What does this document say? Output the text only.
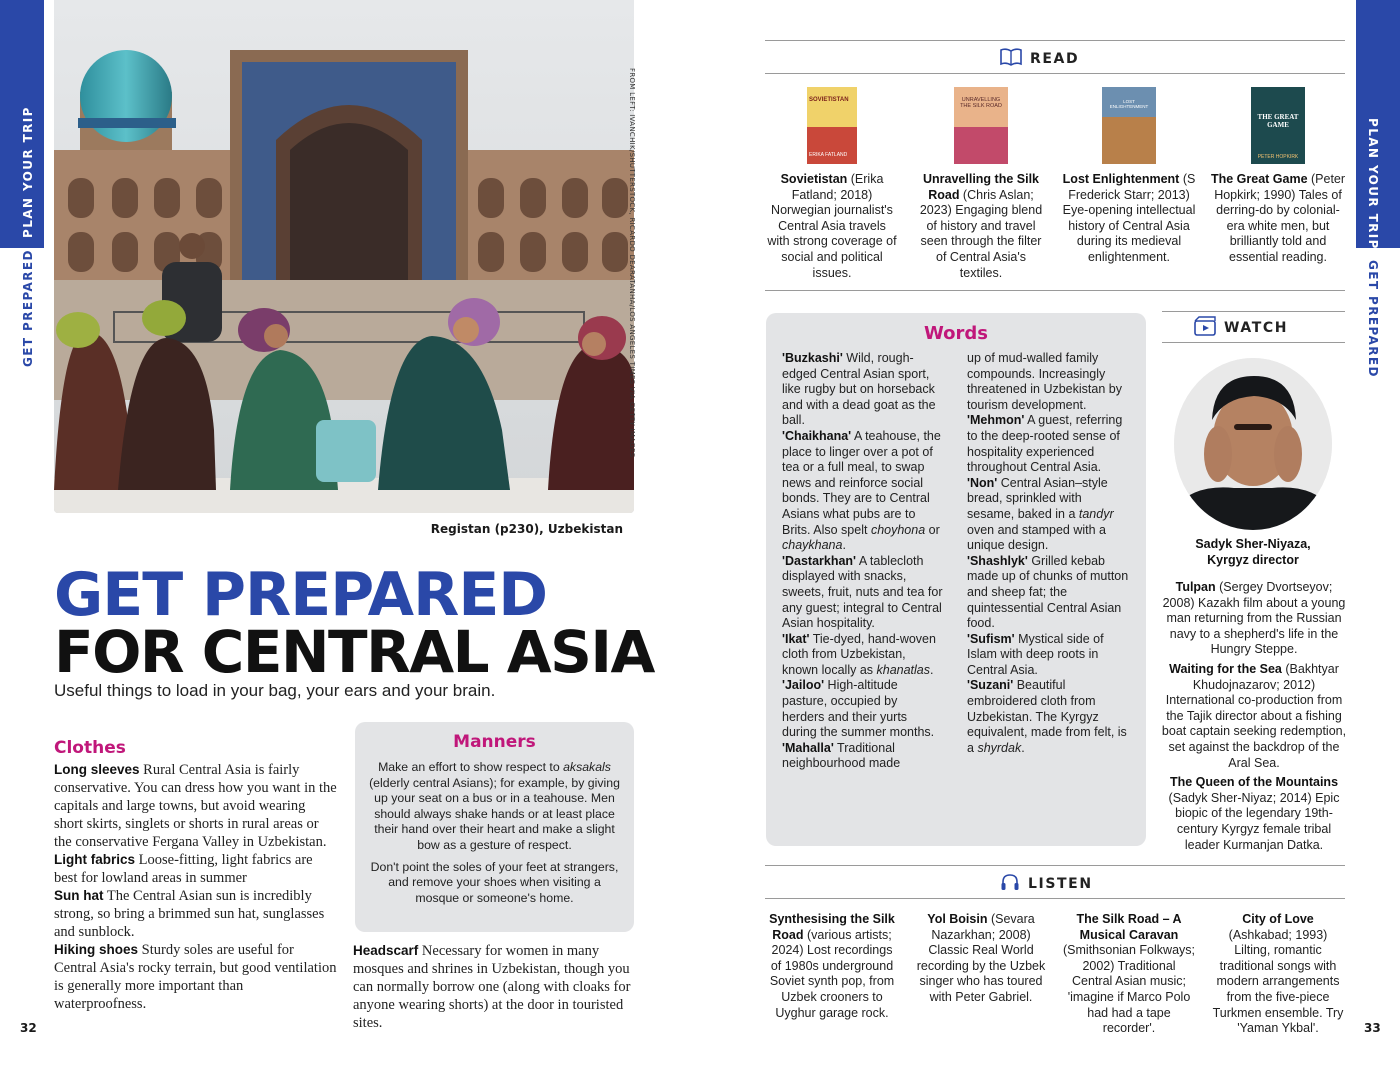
PLAN YOUR TRIP
GET PREPARED	FROM LEFT: IVANCHIK/SHUTTERSTOCK, RICARDO DEARATANHA/LOS ANGELES TIMES VIA GETTY IMAGES
Registan (p230), Uzbekistan
GET PREPARED
FOR CENTRAL ASIA
Useful things to load in your bag, your ears and your brain.
Clothes
Long sleeves Rural Central Asia is fairly conservative. You can dress how you want in the capitals and large towns, but avoid wearing short skirts, singlets or shorts in rural areas or the conservative Fergana Valley in Uzbekistan.
Light fabrics Loose-fitting, light fabrics are best for lowland areas in summer
Sun hat The Central Asian sun is incredibly strong, so bring a brimmed sun hat, sunglasses and sunblock.
Hiking shoes Sturdy soles are useful for Central Asia's rocky terrain, but good ventilation is generally more important than waterproofness.
Manners
Make an effort to show respect to aksakals (elderly central Asians); for example, by giving up your seat on a bus or in a teahouse. Men should always shake hands or at least place their hand over their heart and make a slight bow as a gesture of respect.
Don't point the soles of your feet at strangers, and remove your shoes when visiting a mosque or someone's home.
Headscarf Necessary for women in many mosques and shrines in Uzbekistan, though you can normally borrow one (along with cloaks for anyone wearing shorts) at the door in touristed sites.
32
PLAN YOUR TRIP
GET PREPARED
READ
SOVIETISTAN
ERIKA FATLAND
Sovietistan (Erika Fatland; 2018) Norwegian journalist's Central Asia travels with strong coverage of social and political issues.
UNRAVELLING THE SILK ROAD
Unravelling the Silk Road (Chris Aslan; 2023) Engaging blend of history and travel seen through the filter of Central Asia's textiles.
LOST ENLIGHTENMENT
Lost Enlightenment (S Frederick Starr; 2013) Eye-opening intellectual history of Central Asia during its medieval enlightenment.
THE GREAT GAME
PETER HOPKIRK
The Great Game (Peter Hopkirk; 1990) Tales of derring-do by colonial-era white men, but brilliantly told and essential reading.
Words
'Buzkashi' Wild, rough-edged Central Asian sport, like rugby but on horseback and with a dead goat as the ball.
'Chaikhana' A teahouse, the place to linger over a pot of tea or a full meal, to swap news and reinforce social bonds. They are to Central Asians what pubs are to Brits. Also spelt choyhona or chaykhana.
'Dastarkhan' A tablecloth displayed with snacks, sweets, fruit, nuts and tea for any guest; integral to Central Asian hospitality.
'Ikat' Tie-dyed, hand-woven cloth from Uzbekistan, known locally as khanatlas.
'Jailoo' High-altitude pasture, occupied by herders and their yurts during the summer months.
'Mahalla' Traditional neighbourhood made
up of mud-walled family compounds. Increasingly threatened in Uzbekistan by tourism development.
'Mehmon' A guest, referring to the deep-rooted sense of hospitality experienced throughout Central Asia.
'Non' Central Asian–style bread, sprinkled with sesame, baked in a tandyr oven and stamped with a unique design.
'Shashlyk' Grilled kebab made up of chunks of mutton and sheep fat; the quintessential Central Asian food.
'Sufism' Mystical side of Islam with deep roots in Central Asia.
'Suzani' Beautiful embroidered cloth from Uzbekistan. The Kyrgyz equivalent, made from felt, is a shyrdak.
WATCH
Sadyk Sher-Niyaza, Kyrgyz director
Tulpan (Sergey Dvortseyov; 2008) Kazakh film about a young man returning from the Russian navy to a shepherd's life in the Hungry Steppe.
Waiting for the Sea (Bakhtyar Khudojnazarov; 2012) International co-production from the Tajik director about a fishing boat captain seeking redemption, set against the backdrop of the Aral Sea.
The Queen of the Mountains (Sadyk Sher-Niyaz; 2014) Epic biopic of the legendary 19th-century Kyrgyz female tribal leader Kurmanjan Datka.
LISTEN
Synthesising the Silk Road (various artists; 2024) Lost recordings of 1980s underground Soviet synth pop, from Uzbek crooners to Uyghur garage rock.
Yol Boisin (Sevara Nazarkhan; 2008) Classic Real World recording by the Uzbek singer who has toured with Peter Gabriel.
The Silk Road – A Musical Caravan (Smithsonian Folkways; 2002) Traditional Central Asian music; 'imagine if Marco Polo had had a tape recorder'.
City of Love (Ashkabad; 1993) Lilting, romantic traditional songs with modern arrangements from the five-piece Turkmen ensemble. Try 'Yaman Ykbal'.	33
